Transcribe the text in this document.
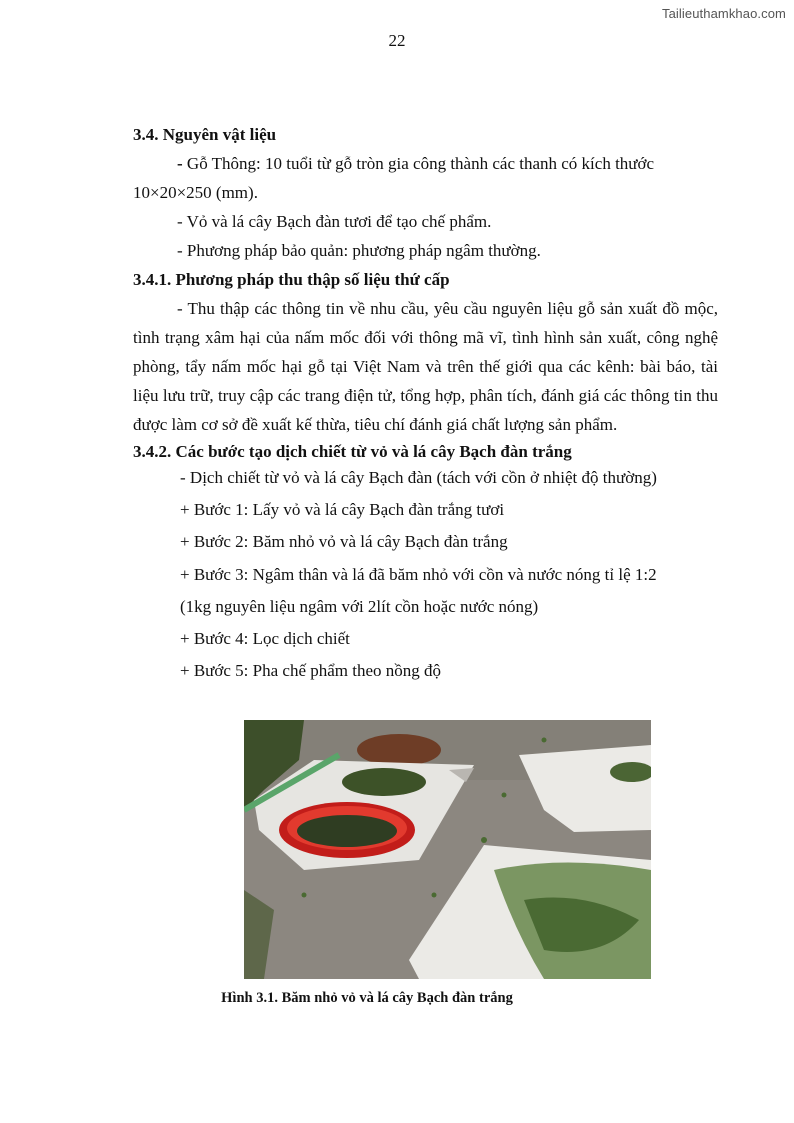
Tailieuthamkhao.com
22
3.4. Nguyên vật liệu

- Gỗ Thông: 10 tuổi từ gỗ tròn gia công thành các thanh có kích thước

10×20×250 (mm).

- Vỏ và lá cây Bạch đàn tươi để tạo chế phẩm.

- Phương pháp bảo quản: phương pháp ngâm thường.

3.4.1. Phương pháp thu thập số liệu thứ cấp

- Thu thập các thông tin về nhu cầu, yêu cầu nguyên liệu gỗ sản xuất đồ mộc, tình trạng xâm hại của nấm mốc đối với thông mã vĩ, tình hình sản xuất, công nghệ phòng, tẩy nấm mốc hại gỗ tại Việt Nam và trên thế giới qua các kênh: bài báo, tài liệu lưu trữ, truy cập các trang điện tử, tổng hợp, phân tích, đánh giá các thông tin thu được làm cơ sở đề xuất kế thừa, tiêu chí đánh giá chất lượng sản phẩm.

3.4.2. Các bước tạo dịch chiết từ vỏ và lá cây Bạch đàn trắng
- Dịch chiết từ vỏ và lá cây Bạch đàn (tách với cồn ở nhiệt độ thường)
+ Bước 1: Lấy vỏ và lá cây Bạch đàn trắng tươi
+ Bước 2: Băm nhỏ vỏ và lá cây Bạch đàn trắng
+ Bước 3: Ngâm thân và lá đã băm nhỏ với cồn và nước nóng tỉ lệ 1:2
(1kg nguyên liệu ngâm với 2lít cồn hoặc nước nóng)
+ Bước 4: Lọc dịch chiết
+ Bước 5: Pha chế phẩm theo nồng độ
Hình 3.1. Băm nhỏ vỏ và lá cây Bạch đàn trắng
